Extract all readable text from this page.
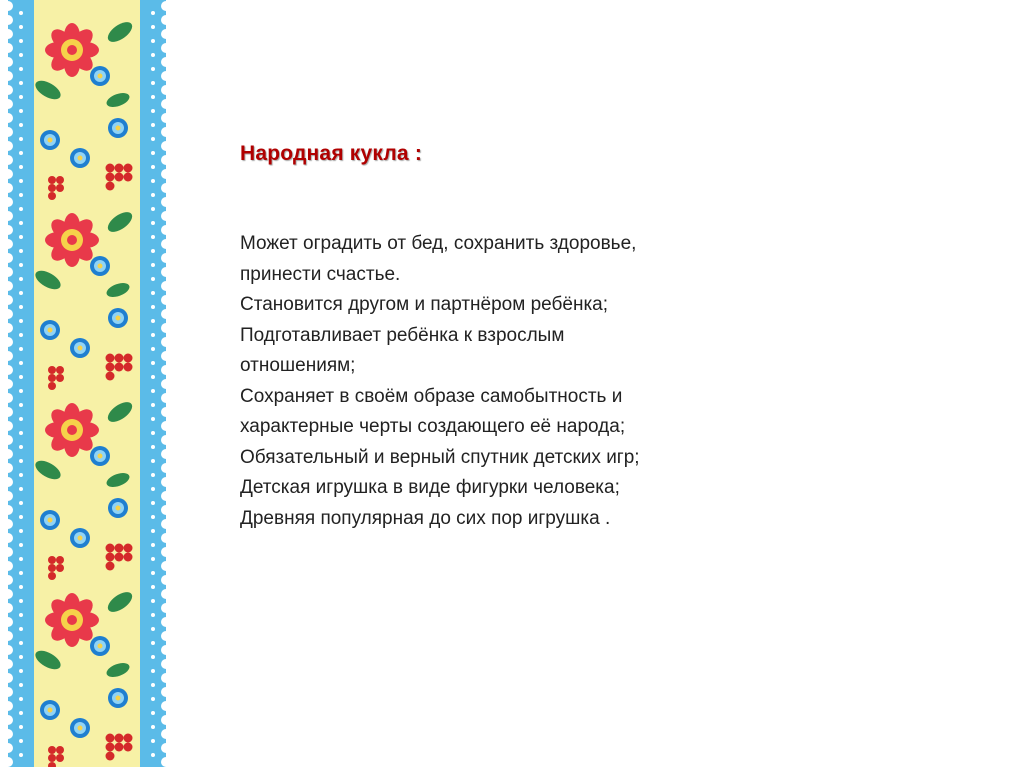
Народная кукла :
Может оградить от бед, сохранить здоровье,
принести счастье.
Становится другом и партнёром ребёнка;
Подготавливает ребёнка к взрослым
отношениям;
Сохраняет в своём образе самобытность и
характерные черты создающего её народа;
Обязательный и верный спутник детских игр;
Детская игрушка в виде фигурки человека;
Древняя популярная до сих пор игрушка .
